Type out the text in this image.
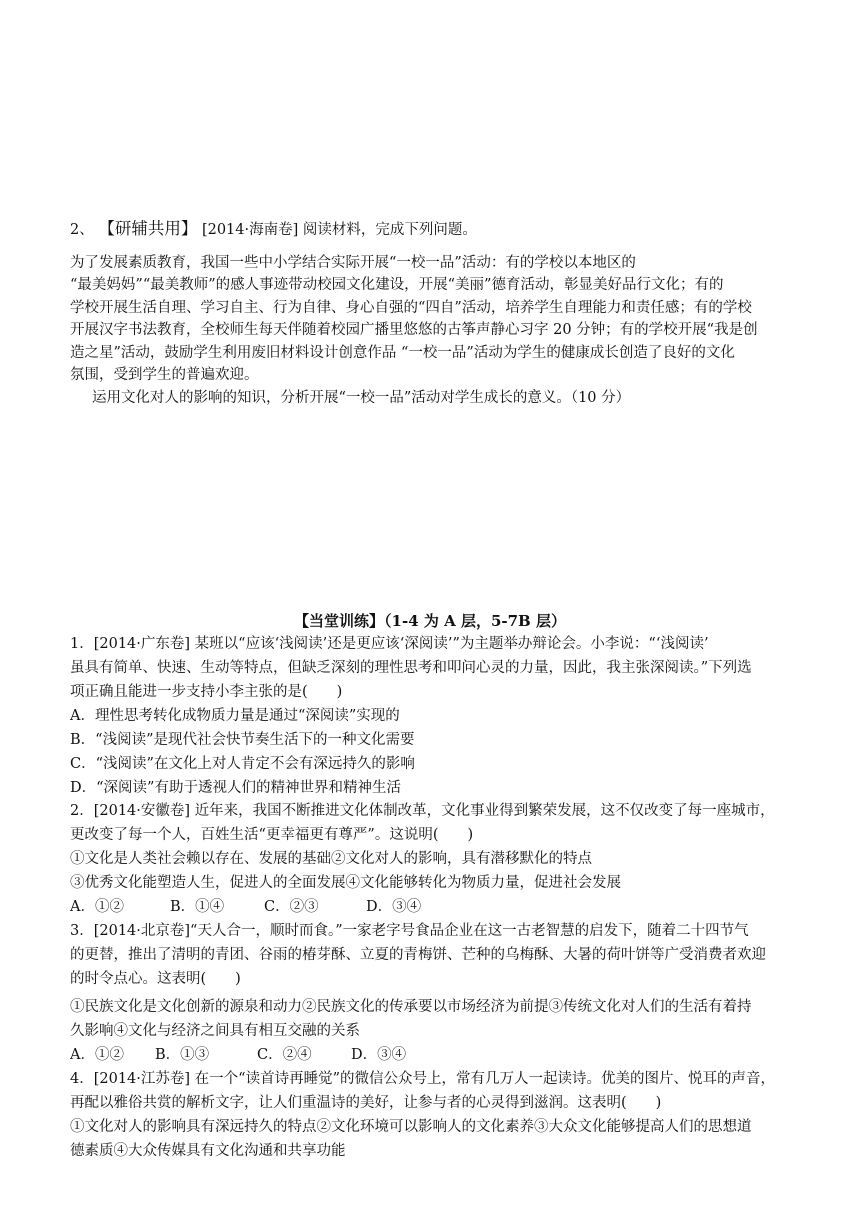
2、 【研辅共用】 [2014·海南卷] 阅读材料，完成下列问题。
为了发展素质教育，我国一些中小学结合实际开展“一校一品”活动：有的学校以本地区的
“最美妈妈”“最美教师”的感人事迹带动校园文化建设，开展“美丽”德育活动，彰显美好品行文化；有的
学校开展生活自理、学习自主、行为自律、身心自强的“四自”活动，培养学生自理能力和责任感；有的学校
开展汉字书法教育，全校师生每天伴随着校园广播里悠悠的古筝声静心习字 20 分钟；有的学校开展“我是创
造之星”活动，鼓励学生利用废旧材料设计创意作品 “一校一品”活动为学生的健康成长创造了良好的文化
氛围，受到学生的普遍欢迎。
运用文化对人的影响的知识，分析开展“一校一品”活动对学生成长的意义。（10 分）
【当堂训练】（1-4 为 A 层，5-7B 层）
1．[2014·广东卷] 某班以“应该‘浅阅读’还是更应该‘深阅读’”为主题举办辩论会。小李说：“‘浅阅读’
虽具有简单、快速、生动等特点，但缺乏深刻的理性思考和叩问心灵的力量，因此，我主张深阅读。”下列选
项正确且能进一步支持小李主张的是(　　)
A．理性思考转化成物质力量是通过“深阅读”实现的
B．“浅阅读”是现代社会快节奏生活下的一种文化需要
C．“浅阅读”在文化上对人肯定不会有深远持久的影响
D．“深阅读”有助于透视人们的精神世界和精神生活
2．[2014·安徽卷] 近年来，我国不断推进文化体制改革，文化事业得到繁荣发展，这不仅改变了每一座城市，
更改变了每一个人，百姓生活“更幸福更有尊严”。这说明(　　)
①文化是人类社会赖以存在、发展的基础②文化对人的影响，具有潜移默化的特点
③优秀文化能塑造人生，促进人的全面发展④文化能够转化为物质力量，促进社会发展
A．①②	B．①④	C．②③	D．③④
3．[2014·北京卷]“天人合一，顺时而食。”一家老字号食品企业在这一古老智慧的启发下，随着二十四节气
的更替，推出了清明的青团、谷雨的椿芽酥、立夏的青梅饼、芒种的乌梅酥、大暑的荷叶饼等广受消费者欢迎
的时令点心。这表明(　　)
①民族文化是文化创新的源泉和动力②民族文化的传承要以市场经济为前提③传统文化对人们的生活有着持
久影响④文化与经济之间具有相互交融的关系
A．①② B．①③	C．②④	D．③④
4．[2014·江苏卷] 在一个“读首诗再睡觉”的微信公众号上，常有几万人一起读诗。优美的图片、悦耳的声音，
再配以雅俗共赏的解析文字，让人们重温诗的美好，让参与者的心灵得到滋润。这表明(　　)
①文化对人的影响具有深远持久的特点②文化环境可以影响人的文化素养③大众文化能够提高人们的思想道
德素质④大众传媒具有文化沟通和共享功能
